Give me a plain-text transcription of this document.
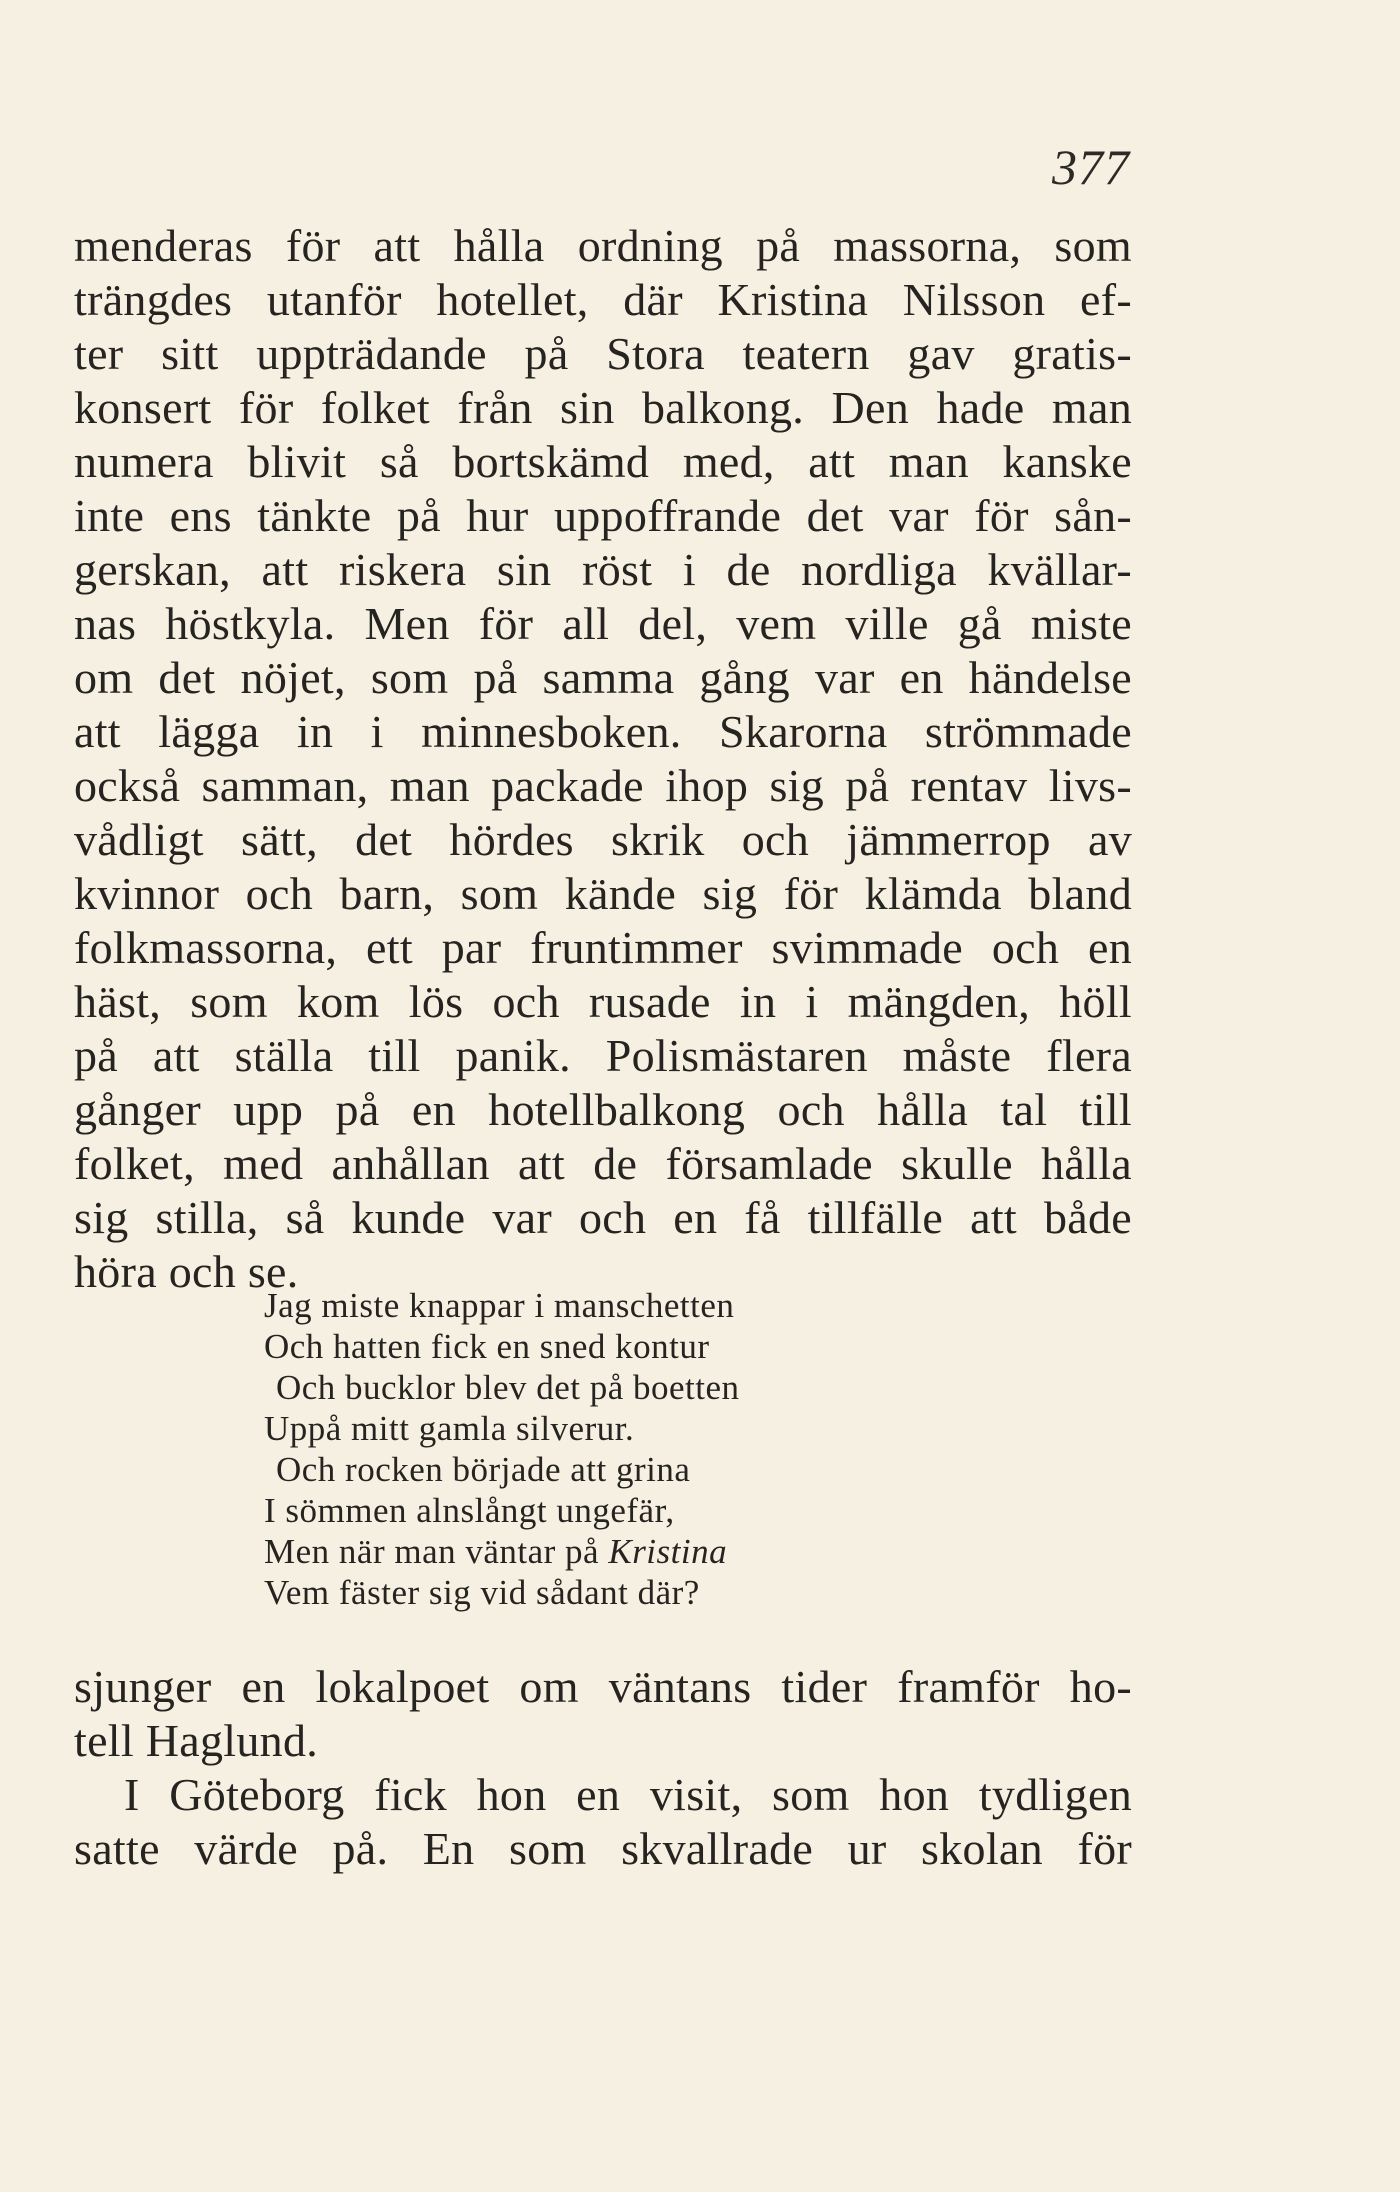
377
menderas för att hålla ordning på massorna, som
trängdes utanför hotellet, där Kristina Nilsson ef-
ter sitt uppträdande på Stora teatern gav gratis-
konsert för folket från sin balkong. Den hade man
numera blivit så bortskämd med, att man kanske
inte ens tänkte på hur uppoffrande det var för sån-
gerskan, att riskera sin röst i de nordliga kvällar-
nas höstkyla. Men för all del, vem ville gå miste
om det nöjet, som på samma gång var en händelse
att lägga in i minnesboken. Skarorna strömmade
också samman, man packade ihop sig på rentav livs-
vådligt sätt, det hördes skrik och jämmerrop av
kvinnor och barn, som kände sig för klämda bland
folkmassorna, ett par fruntimmer svimmade och en
häst, som kom lös och rusade in i mängden, höll
på att ställa till panik. Polismästaren måste flera
gånger upp på en hotellbalkong och hålla tal till
folket, med anhållan att de församlade skulle hålla
sig stilla, så kunde var och en få tillfälle att både
höra och se.
Jag miste knappar i manschetten
Och hatten fick en sned kontur
Och bucklor blev det på boetten
Uppå mitt gamla silverur.
Och rocken började att grina
I sömmen alnslångt ungefär,
Men när man väntar på Kristina
Vem fäster sig vid sådant där?
sjunger en lokalpoet om väntans tider framför ho-
tell Haglund.
I Göteborg fick hon en visit, som hon tydligen
satte värde på. En som skvallrade ur skolan för
